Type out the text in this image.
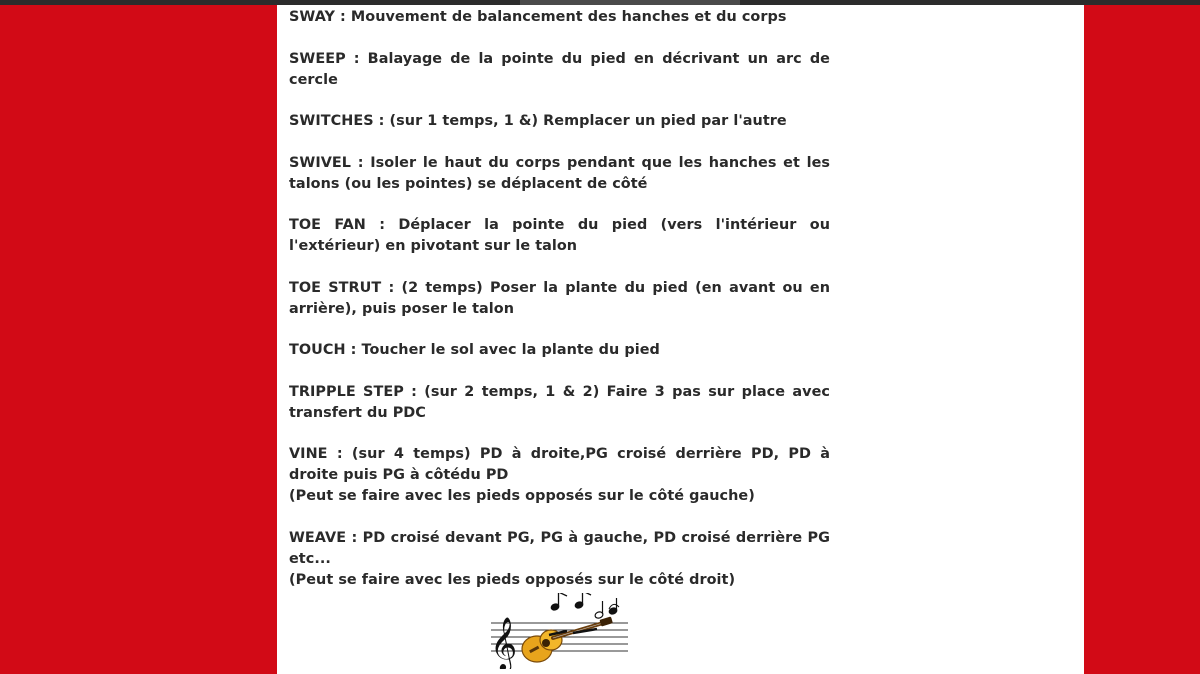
SWAY : Mouvement de balancement des hanches et du corps

SWEEP : Balayage de la pointe du pied en décrivant un arc de cercle

SWITCHES : (sur 1 temps, 1 &) Remplacer un pied par l'autre

SWIVEL : Isoler le haut du corps pendant que les hanches et les talons (ou les pointes) se déplacent de côté

TOE FAN : Déplacer la pointe du pied (vers l'intérieur ou l'extérieur) en pivotant sur le talon

TOE STRUT : (2 temps) Poser la plante du pied (en avant ou en arrière), puis poser le talon

TOUCH : Toucher le sol avec la plante du pied

TRIPPLE STEP : (sur 2 temps, 1 & 2) Faire 3 pas sur place avec transfert du PDC

VINE : (sur 4 temps) PD à droite,PG croisé derrière PD, PD à droite puis PG à côtédu PD
(Peut se faire avec les pieds opposés sur le côté gauche)

WEAVE : PD croisé devant PG, PG à gauche, PD croisé derrière PG etc...
(Peut se faire avec les pieds opposés sur le côté droit)

𝄞
